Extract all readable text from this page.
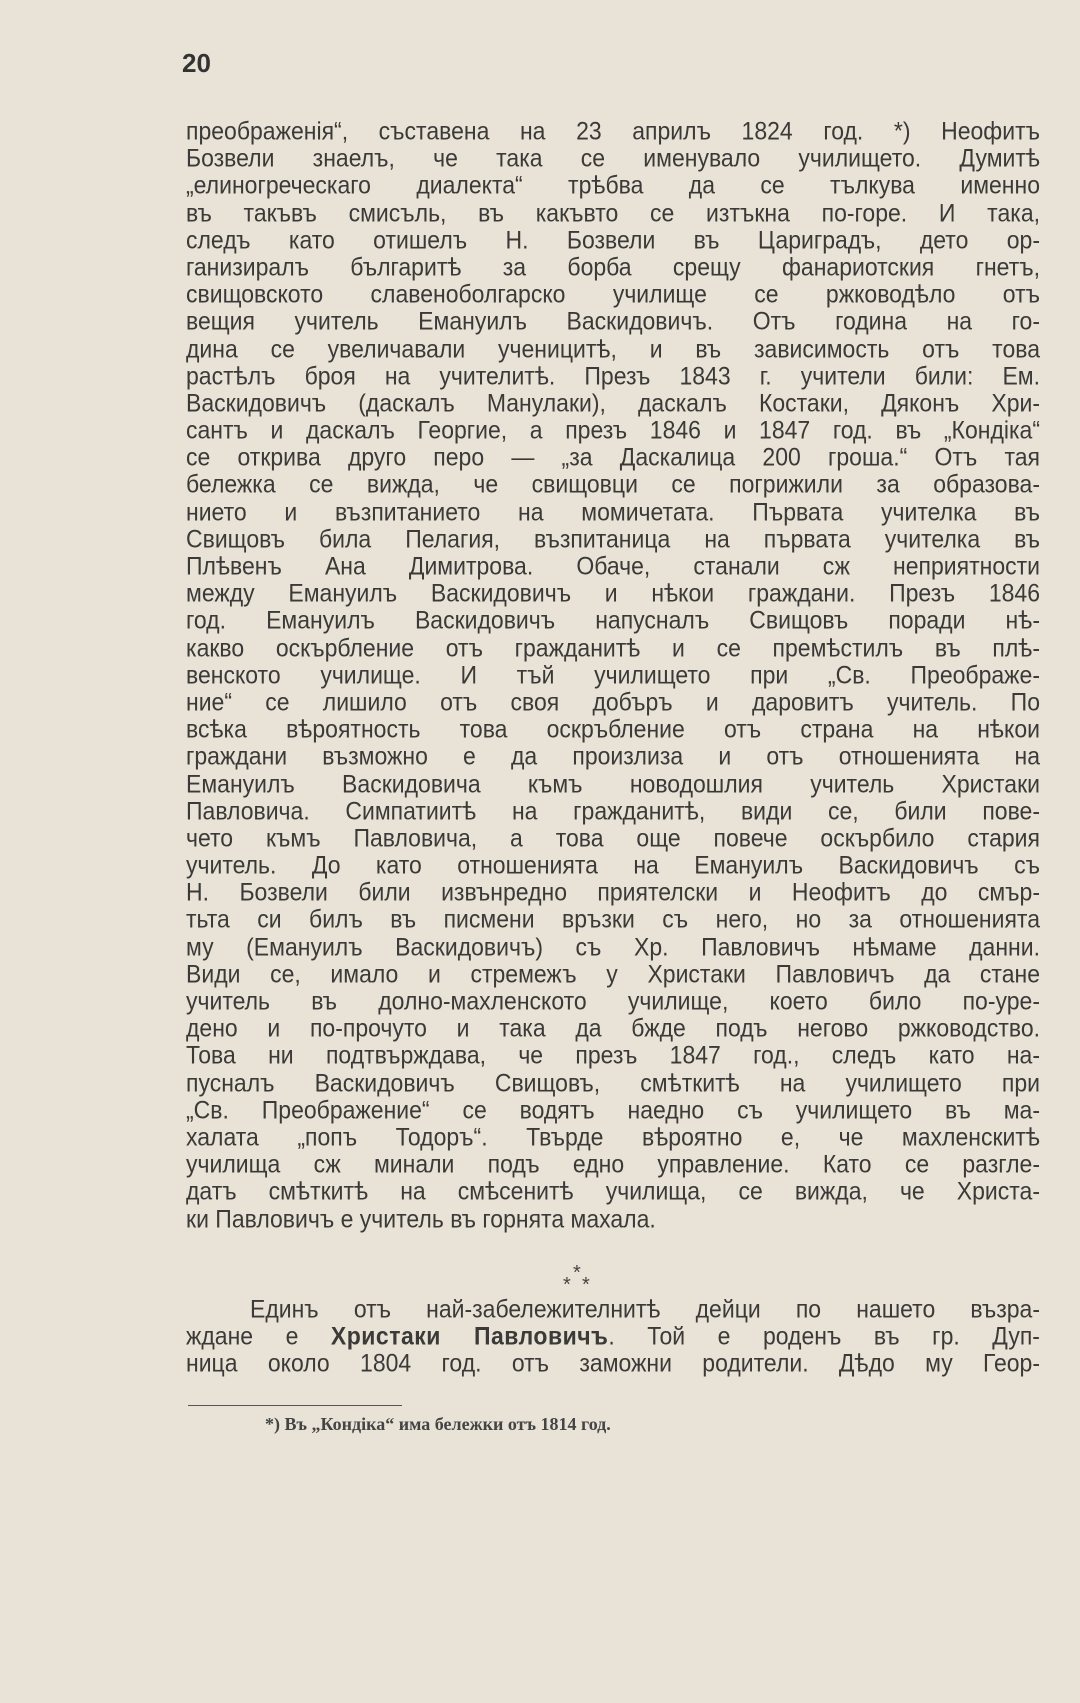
20
преображенія“, съставена на 23 априлъ 1824 год. *) Неофитъ
Бозвели знаелъ, че така се именувало училището. Думитѣ
„елиногреческаго диалекта“ трѣбва да се тълкува именно
въ такъвъ смисъль, въ какъвто се изтъкна по-горе. И така,
следъ като отишелъ Н. Бозвели въ Цариградъ, дето ор-
ганизиралъ българитѣ за борба срещу фанариотския гнетъ,
свищовското славеноболгарско училище се ржководѣло отъ
вещия учитель Емануилъ Васкидовичъ. Отъ година на го-
дина се увеличавали ученицитѣ, и въ зависимость отъ това
растѣлъ броя на учителитѣ. Презъ 1843 г. учители били: Ем.
Васкидовичъ (даскалъ Манулаки), даскалъ Костаки, Дяконъ Хри-
сантъ и даскалъ Георгие, а презъ 1846 и 1847 год. въ „Кондіка“
се открива друго перо — „за Даскалица 200 гроша.“ Отъ тая
бележка се вижда, че свищовци се погрижили за образова-
нието и възпитанието на момичетата. Първата учителка въ
Свищовъ била Пелагия, възпитаница на първата учителка въ
Плѣвенъ Ана Димитрова. Обаче, станали сж неприятности
между Емануилъ Васкидовичъ и нѣкои граждани. Презъ 1846
год. Емануилъ Васкидовичъ напусналъ Свищовъ поради нѣ-
какво оскърбление отъ гражданитѣ и се премѣстилъ въ плѣ-
венското училище. И тъй училището при „Св. Преображе-
ние“ се лишило отъ своя добъръ и даровитъ учитель. По
всѣка вѣроятность това оскръбление отъ страна на нѣкои
граждани възможно е да произлиза и отъ отношенията на
Емануилъ Васкидовича къмъ новодошлия учитель Христаки
Павловича. Симпатиитѣ на гражданитѣ, види се, били пове-
чето къмъ Павловича, а това още повече оскърбило стария
учитель. До като отношенията на Емануилъ Васкидовичъ съ
Н. Бозвели били извънредно приятелски и Неофитъ до смър-
тьта си билъ въ писмени връзки съ него, но за отношенията
му (Емануилъ Васкидовичъ) съ Хр. Павловичъ нѣмаме данни.
Види се, имало и стремежъ у Христаки Павловичъ да стане
учитель въ долно-махленското училище, което било по-уре-
дено и по-прочуто и така да бжде подъ негово ржководство.
Това ни подтвърждава, че презъ 1847 год., следъ като на-
пусналъ Васкидовичъ Свищовъ, смѣткитѣ на училището при
„Св. Преображение“ се водятъ наедно съ училището въ ма-
халата „попъ Тодоръ“. Твърде вѣроятно е, че махленскитѣ
училища сж минали подъ едно управление. Като се разгле-
датъ смѣткитѣ на смѣсенитѣ училища, се вижда, че Христа-
ки Павловичъ е учитель въ горнята махала.
*
* *
Единъ отъ най-забележителнитѣ дейци по нашето възра-
ждане е Христаки Павловичъ. Той е роденъ въ гр. Дуп-
ница около 1804 год. отъ заможни родители. Дѣдо му Геор-
*) Въ „Кондіка“ има бележки отъ 1814 год.
